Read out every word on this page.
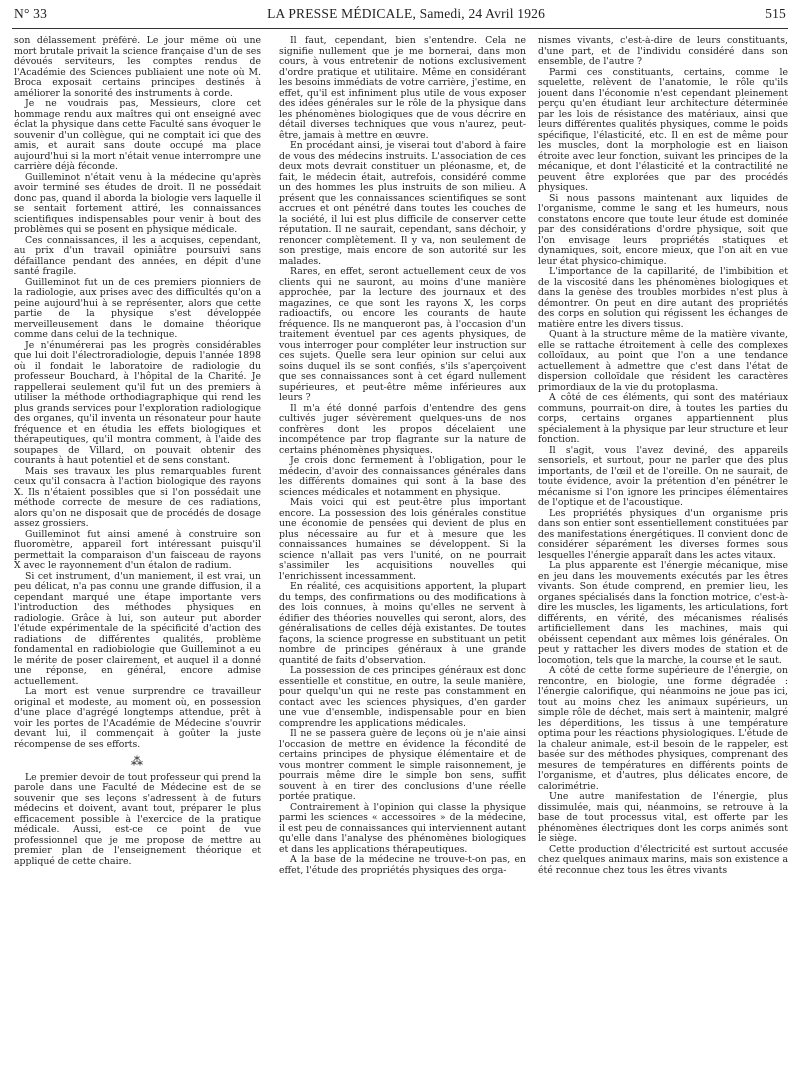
N° 33	LA PRESSE MÉDICALE, Samedi, 24 Avril 1926	515

son délassement préféré. Le jour même où une mort brutale privait la science française d'un de ses dévoués serviteurs, les comptes rendus de l'Académie des Sciences publiaient une note où M. Broca exposait certains principes destinés à améliorer la sonorité des instruments à corde.

Je ne voudrais pas, Messieurs, clore cet hommage rendu aux maîtres qui ont enseigné avec éclat la physique dans cette Faculté sans évoquer le souvenir d'un collègue, qui ne comptait ici que des amis, et aurait sans doute occupé ma place aujourd'hui si la mort n'était venue interrompre une carrière déjà féconde.

Guilleminot n'était venu à la médecine qu'après avoir terminé ses études de droit. Il ne possédait donc pas, quand il aborda la biologie vers laquelle il se sentait fortement attiré, les connaissances scientifiques indispensables pour venir à bout des problèmes qui se posent en physique médicale.

Ces connaissances, il les a acquises, cependant, au prix d'un travail opiniâtre poursuivi sans défaillance pendant des années, en dépit d'une santé fragile.

Guilleminot fut un de ces premiers pionniers de la radiologie, aux prises avec des difficultés qu'on a peine aujourd'hui à se représenter, alors que cette partie de la physique s'est développée merveilleusement dans le domaine théorique comme dans celui de la technique.

Je n'énumérerai pas les progrès considérables que lui doit l'électroradiologie, depuis l'année 1898 où il fondait le laboratoire de radiologie du professeur Bouchard, à l'hôpital de la Charité. Je rappellerai seulement qu'il fut un des premiers à utiliser la méthode orthodiagraphique qui rend les plus grands services pour l'exploration radiologique des organes, qu'il inventa un résonateur pour haute fréquence et en étudia les effets biologiques et thérapeutiques, qu'il montra comment, à l'aide des soupapes de Villard, on pouvait obtenir des courants à haut potentiel et de sens constant.

Mais ses travaux les plus remarquables furent ceux qu'il consacra à l'action biologique des rayons X. Ils n'étaient possibles que si l'on possédait une méthode correcte de mesure de ces radiations, alors qu'on ne disposait que de procédés de dosage assez grossiers.

Guilleminot fut ainsi amené à construire son fluoromètre, appareil fort intéressant puisqu'il permettait la comparaison d'un faisceau de rayons X avec le rayonnement d'un étalon de radium.

Si cet instrument, d'un maniement, il est vrai, un peu délicat, n'a pas connu une grande diffusion, il a cependant marqué une étape importante vers l'introduction des méthodes physiques en radiologie. Grâce à lui, son auteur put aborder l'étude expérimentale de la spécificité d'action des radiations de différentes qualités, problème fondamental en radiobiologie que Guilleminot a eu le mérite de poser clairement, et auquel il a donné une réponse, en général, encore admise actuellement.

La mort est venue surprendre ce travailleur original et modeste, au moment où, en possession d'une place d'agrégé longtemps attendue, prêt à voir les portes de l'Académie de Médecine s'ouvrir devant lui, il commençait à goûter la juste récompense de ses efforts.

⁂

Le premier devoir de tout professeur qui prend la parole dans une Faculté de Médecine est de se souvenir que ses leçons s'adressent à de futurs médecins et doivent, avant tout, préparer le plus efficacement possible à l'exercice de la pratique médicale. Aussi, est-ce ce point de vue professionnel que je me propose de mettre au premier plan de l'enseignement théorique et appliqué de cette chaire.

Il faut, cependant, bien s'entendre. Cela ne signifie nullement que je me bornerai, dans mon cours, à vous entretenir de notions exclusivement d'ordre pratique et utilitaire. Même en considérant les besoins immédiats de votre carrière, j'estime, en effet, qu'il est infiniment plus utile de vous exposer des idées générales sur le rôle de la physique dans les phénomènes biologiques que de vous décrire en détail diverses techniques que vous n'aurez, peut-être, jamais à mettre en œuvre.

En procédant ainsi, je viserai tout d'abord à faire de vous des médecins instruits. L'association de ces deux mots devrait constituer un pléonasme, et, de fait, le médecin était, autrefois, considéré comme un des hommes les plus instruits de son milieu. A présent que les connaissances scientifiques se sont accrues et ont pénétré dans toutes les couches de la société, il lui est plus difficile de conserver cette réputation. Il ne saurait, cependant, sans déchoir, y renoncer complètement. Il y va, non seulement de son prestige, mais encore de son autorité sur les malades.

Rares, en effet, seront actuellement ceux de vos clients qui ne sauront, au moins d'une manière approchée, par la lecture des journaux et des magazines, ce que sont les rayons X, les corps radioactifs, ou encore les courants de haute fréquence. Ils ne manqueront pas, à l'occasion d'un traitement éventuel par ces agents physiques, de vous interroger pour compléter leur instruction sur ces sujets. Quelle sera leur opinion sur celui aux soins duquel ils se sont confiés, s'ils s'aperçoivent que ses connaissances sont à cet égard nullement supérieures, et peut-être même inférieures aux leurs ?

Il m'a été donné parfois d'entendre des gens cultivés juger sévèrement quelques-uns de nos confrères dont les propos décelaient une incompétence par trop flagrante sur la nature de certains phénomènes physiques.

Je crois donc fermement à l'obligation, pour le médecin, d'avoir des connaissances générales dans les différents domaines qui sont à la base des sciences médicales et notamment en physique.

Mais voici qui est peut-être plus important encore. La possession des lois générales constitue une économie de pensées qui devient de plus en plus nécessaire au fur et à mesure que les connaissances humaines se développent. Si la science n'allait pas vers l'unité, on ne pourrait s'assimiler les acquisitions nouvelles qui l'enrichissent incessamment.

En réalité, ces acquisitions apportent, la plupart du temps, des confirmations ou des modifications à des lois connues, à moins qu'elles ne servent à édifier des théories nouvelles qui seront, alors, des généralisations de celles déjà existantes. De toutes façons, la science progresse en substituant un petit nombre de principes généraux à une grande quantité de faits d'observation.

La possession de ces principes généraux est donc essentielle et constitue, en outre, la seule manière, pour quelqu'un qui ne reste pas constamment en contact avec les sciences physiques, d'en garder une vue d'ensemble, indispensable pour en bien comprendre les applications médicales.

Il ne se passera guère de leçons où je n'aie ainsi l'occasion de mettre en évidence la fécondité de certains principes de physique élémentaire et de vous montrer comment le simple raisonnement, je pourrais même dire le simple bon sens, suffit souvent à en tirer des conclusions d'une réelle portée pratique.

Contrairement à l'opinion qui classe la physique parmi les sciences « accessoires » de la médecine, il est peu de connaissances qui interviennent autant qu'elle dans l'analyse des phénomènes biologiques et dans les applications thérapeutiques.

A la base de la médecine ne trouve-t-on pas, en effet, l'étude des propriétés physiques des orga-

nismes vivants, c'est-à-dire de leurs constituants, d'une part, et de l'individu considéré dans son ensemble, de l'autre ?

Parmi ces constituants, certains, comme le squelette, relèvent de l'anatomie, le rôle qu'ils jouent dans l'économie n'est cependant pleinement perçu qu'en étudiant leur architecture déterminée par les lois de résistance des matériaux, ainsi que leurs différentes qualités physiques, comme le poids spécifique, l'élasticité, etc. Il en est de même pour les muscles, dont la morphologie est en liaison étroite avec leur fonction, suivant les principes de la mécanique, et dont l'élasticité et la contractilité ne peuvent être explorées que par des procédés physiques.

Si nous passons maintenant aux liquides de l'organisme, comme le sang et les humeurs, nous constatons encore que toute leur étude est dominée par des considérations d'ordre physique, soit que l'on envisage leurs propriétés statiques et dynamiques, soit, encore mieux, que l'on ait en vue leur état physico-chimique.

L'importance de la capillarité, de l'imbibition et de la viscosité dans les phénomènes biologiques et dans la genèse des troubles morbides n'est plus à démontrer. On peut en dire autant des propriétés des corps en solution qui régissent les échanges de matière entre les divers tissus.

Quant à la structure même de la matière vivante, elle se rattache étroitement à celle des complexes colloïdaux, au point que l'on a une tendance actuellement à admettre que c'est dans l'état de dispersion colloïdale que résident les caractères primordiaux de la vie du protoplasma.

A côté de ces éléments, qui sont des matériaux communs, pourrait-on dire, à toutes les parties du corps, certains organes appartiennent plus spécialement à la physique par leur structure et leur fonction.

Il s'agit, vous l'avez deviné, des appareils sensoriels, et surtout, pour ne parler que des plus importants, de l'œil et de l'oreille. On ne saurait, de toute évidence, avoir la prétention d'en pénétrer le mécanisme si l'on ignore les principes élémentaires de l'optique et de l'acoustique.

Les propriétés physiques d'un organisme pris dans son entier sont essentiellement constituées par des manifestations énergétiques. Il convient donc de considérer séparément les diverses formes sous lesquelles l'énergie apparaît dans les actes vitaux.

La plus apparente est l'énergie mécanique, mise en jeu dans les mouvements exécutés par les êtres vivants. Son étude comprend, en premier lieu, les organes spécialisés dans la fonction motrice, c'est-à-dire les muscles, les ligaments, les articulations, fort différents, en vérité, des mécanismes réalisés artificiellement dans les machines, mais qui obéissent cependant aux mêmes lois générales. On peut y rattacher les divers modes de station et de locomotion, tels que la marche, la course et le saut.

A côté de cette forme supérieure de l'énergie, on rencontre, en biologie, une forme dégradée : l'énergie calorifique, qui néanmoins ne joue pas ici, tout au moins chez les animaux supérieurs, un simple rôle de déchet, mais sert à maintenir, malgré les déperditions, les tissus à une température optima pour les réactions physiologiques. L'étude de la chaleur animale, est-il besoin de le rappeler, est basée sur des méthodes physiques, comprenant des mesures de températures en différents points de l'organisme, et d'autres, plus délicates encore, de calorimétrie.

Une autre manifestation de l'énergie, plus dissimulée, mais qui, néanmoins, se retrouve à la base de tout processus vital, est offerte par les phénomènes électriques dont les corps animés sont le siège.

Cette production d'électricité est surtout accusée chez quelques animaux marins, mais son existence a été reconnue chez tous les êtres vivants
